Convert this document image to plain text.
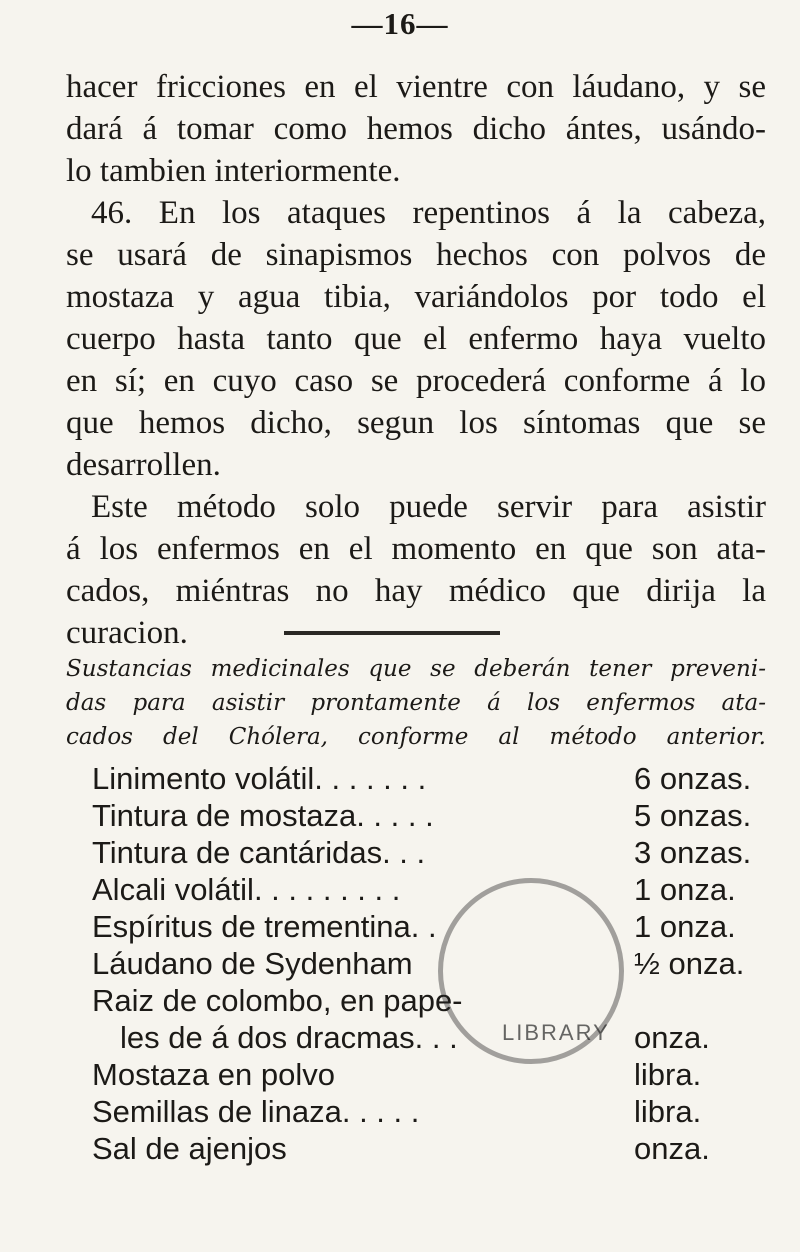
—16—
hacer fricciones en el vientre con láudano, y se
dará á tomar como hemos dicho ántes, usándo-
lo tambien interiormente.
46. En los ataques repentinos á la cabeza,
se usará de sinapismos hechos con polvos de
mostaza y agua tibia, variándolos por todo el
cuerpo hasta tanto que el enfermo haya vuelto
en sí; en cuyo caso se procederá conforme á lo
que hemos dicho, segun los síntomas que se
desarrollen.
Este método solo puede servir para asistir
á los enfermos en el momento en que son ata-
cados, miéntras no hay médico que dirija la
curacion.
Sustancias medicinales que se deberán tener preveni-
das para asistir prontamente á los enfermos ata-
cados del Chólera, conforme al método anterior.
Linimento volátil. . . . . . .	6 onzas.
Tintura de mostaza. . . . .	5 onzas.
Tintura de cantáridas. . .	3 onzas.
Alcali volátil. . . . . . . . .	1 onza.
Espíritus de trementina. .	1 onza.
Láudano de Sydenham	½ onza.
Raiz de colombo, en pape-
les de á dos dracmas. . .	onza.
Mostaza en polvo	libra.
Semillas de linaza. . . . .	libra.
Sal de ajenjos	onza.
LIBRARY
